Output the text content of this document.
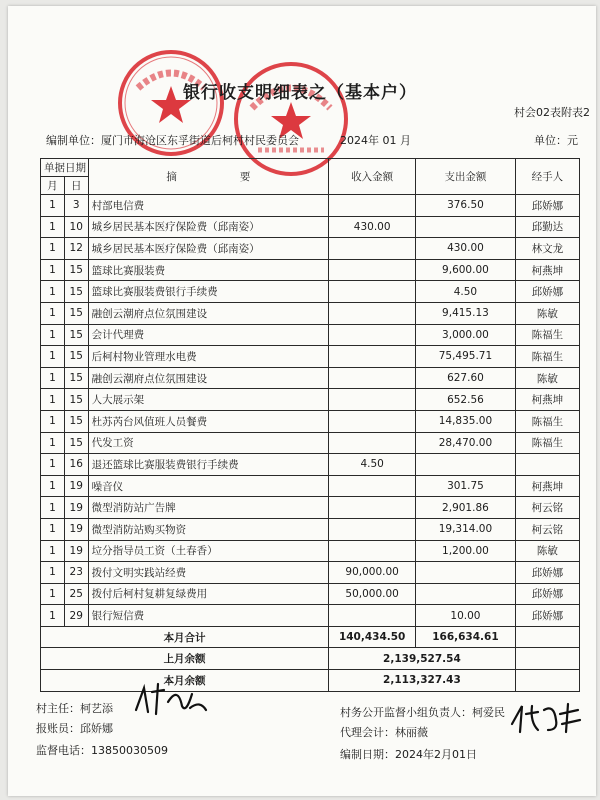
银行收支明细表之（基本户）
村会02表附表2
编制单位：厦门市海沧区东孚街道后柯村村民委员会	2024年 01 月	单位：元
单据日期		摘　　　　　　要	收入金额	支出金额	经手人
月	日				
1	3	村部电信费		376.50	邱娇娜
1	10	城乡居民基本医疗保险费（邱南姿）	430.00		邱勤达
1	12	城乡居民基本医疗保险费（邱南姿）		430.00	林文龙
1	15	篮球比赛服装费		9,600.00	柯燕坤
1	15	篮球比赛服装费银行手续费		4.50	邱娇娜
1	15	融创云潮府点位氛围建设		9,415.13	陈敏
1	15	会计代理费		3,000.00	陈福生
1	15	后柯村物业管理水电费		75,495.71	陈福生
1	15	融创云潮府点位氛围建设		627.60	陈敏
1	15	人大展示架		652.56	柯燕坤
1	15	杜苏芮台风值班人员餐费		14,835.00	陈福生
1	15	代发工资		28,470.00	陈福生
1	16	退还篮球比赛服装费银行手续费	4.50		
1	19	噪音仪		301.75	柯燕坤
1	19	微型消防站广告牌		2,901.86	柯云铭
1	19	微型消防站购买物资		19,314.00	柯云铭
1	19	垃分指导员工资（土春香）		1,200.00	陈敏
1	23	拨付文明实践站经费	90,000.00		邱娇娜
1	25	拨付后柯村复耕复绿费用	50,000.00		邱娇娜
1	29	银行短信费		10.00	邱娇娜
本月合计			140,434.50	166,634.61	
上月余额			2,139,527.54		
本月余额			2,113,327.43		
村主任：柯艺添
报账员：邱娇娜
监督电话：13850030509
村务公开监督小组负责人：柯爱民
代理会计：林丽薇
编制日期：2024年2月01日
